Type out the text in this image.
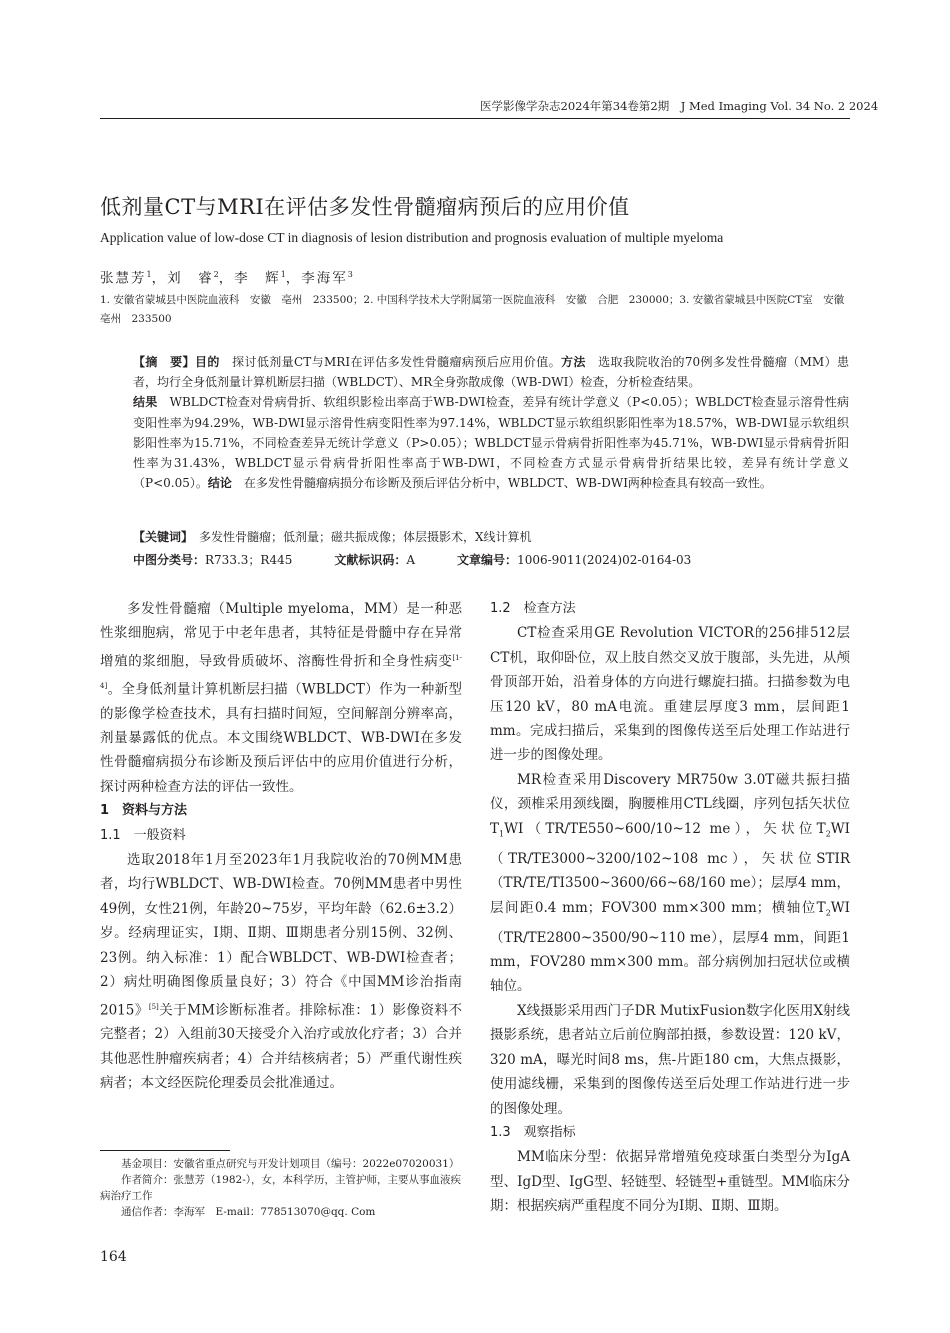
医学影像学杂志2024年第34卷第2期　J Med Imaging Vol. 34 No. 2 2024
低剂量CT与MRI在评估多发性骨髓瘤病预后的应用价值
Application value of low-dose CT in diagnosis of lesion distribution and prognosis evaluation of multiple myeloma
张慧芳$^1$，刘　睿$^2$，李　辉$^1$，李海军$^3$
1. 安徽省蒙城县中医院血液科　安徽　亳州　233500；2. 中国科学技术大学附属第一医院血液科　安徽　合肥　230000；3. 安徽省蒙城县中医院CT室　安徽　亳州　233500
【摘　要】目的　探讨低剂量CT与MRI在评估多发性骨髓瘤病预后应用价值。方法　选取我院收治的70例多发性骨髓瘤（MM）患者，均行全身低剂量计算机断层扫描（WBLDCT）、MR全身弥散成像（WB-DWI）检查，分析检查结果。
结果　WBLDCT检查对骨病骨折、软组织影检出率高于WB-DWI检查，差异有统计学意义（P<0.05）；WBLDCT检查显示溶骨性病变阳性率为94.29%，WB-DWI显示溶骨性病变阳性率为97.14%，WBLDCT显示软组织影阳性率为18.57%，WB-DWI显示软组织影阳性率为15.71%，不同检查差异无统计学意义（P>0.05）；WBLDCT显示骨病骨折阳性率为45.71%，WB-DWI显示骨病骨折阳性率为31.43%，WBLDCT显示骨病骨折阳性率高于WB-DWI，不同检查方式显示骨病骨折结果比较，差异有统计学意义（P<0.05）。结论　在多发性骨髓瘤病损分布诊断及预后评估分析中，WBLDCT、WB-DWI两种检查具有较高一致性。
【关键词】　多发性骨髓瘤；低剂量；磁共振成像；体层摄影术，X线计算机
中图分类号：R733.3；R445	文献标识码：A	文章编号：1006-9011(2024)02-0164-03

多发性骨髓瘤（Multiple myeloma，MM）是一种恶性浆细胞病，常见于中老年患者，其特征是骨髓中存在异常增殖的浆细胞，导致骨质破坏、溶酶性骨折和全身性病变[1-4]。全身低剂量计算机断层扫描（WBLDCT）作为一种新型的影像学检查技术，具有扫描时间短，空间解剖分辨率高，剂量暴露低的优点。本文围绕WBLDCT、WB-DWI在多发性骨髓瘤病损分布诊断及预后评估中的应用价值进行分析，探讨两种检查方法的评估一致性。

1　资料与方法

1.1　一般资料

选取2018年1月至2023年1月我院收治的70例MM患者，均行WBLDCT、WB-DWI检查。70例MM患者中男性49例，女性21例，年龄20~75岁，平均年龄（62.6±3.2）岁。经病理证实，Ⅰ期、Ⅱ期、Ⅲ期患者分别15例、32例、23例。纳入标准：1）配合WBLDCT、WB-DWI检查者；2）病灶明确图像质量良好；3）符合《中国MM诊治指南2015》[5]关于MM诊断标准者。排除标准：1）影像资料不完整者；2）入组前30天接受介入治疗或放化疗者；3）合并其他恶性肿瘤疾病者；4）合并结核病者；5）严重代谢性疾病者；本文经医院伦理委员会批准通过。

基金项目：安徽省重点研究与开发计划项目（编号：2022e07020031）

作者简介：张慧芳（1982-），女，本科学历，主管护师，主要从事血液疾病治疗工作

通信作者：李海军　E-mail：778513070@qq. Com

1.2　检查方法

CT检查采用GE Revolution VICTOR的256排512层CT机，取仰卧位，双上肢自然交叉放于腹部，头先进，从颅骨顶部开始，沿着身体的方向进行螺旋扫描。扫描参数为电压120 kV，80 mA电流。重建层厚度3 mm，层间距1 mm。完成扫描后，采集到的图像传送至后处理工作站进行进一步的图像处理。

MR检查采用Discovery MR750w 3.0T磁共振扫描仪，颈椎采用颈线圈，胸腰椎用CTL线圈，序列包括矢状位$T_1WI(TR/TE550\sim 600/10\sim 12$ me），矢状位$T_2WI(TR/TE3000\sim 3200/102\sim 108$ mc），矢状位STIR（TR/TE/TI3500~3600/66~68/160 me）；层厚4 mm，层间距0.4 mm；FOV300 mm×300 mm；横轴位$T_2WI(TR/TE2800\sim 3500/90\sim 110$ me），层厚4 mm，间距1 mm，FOV280 mm×300 mm。部分病例加扫冠状位或横轴位。

X线摄影采用西门子DR MutixFusion数字化医用X射线摄影系统，患者站立后前位胸部拍摄，参数设置：120 kV，320 mA，曝光时间8 ms，焦-片距180 cm，大焦点摄影，使用滤线栅，采集到的图像传送至后处理工作站进行进一步的图像处理。

1.3　观察指标

MM临床分型：依据异常增殖免疫球蛋白类型分为IgA型、IgD型、IgG型、轻链型、轻链型+重链型。MM临床分期：根据疾病严重程度不同分为Ⅰ期、Ⅱ期、Ⅲ期。

164
